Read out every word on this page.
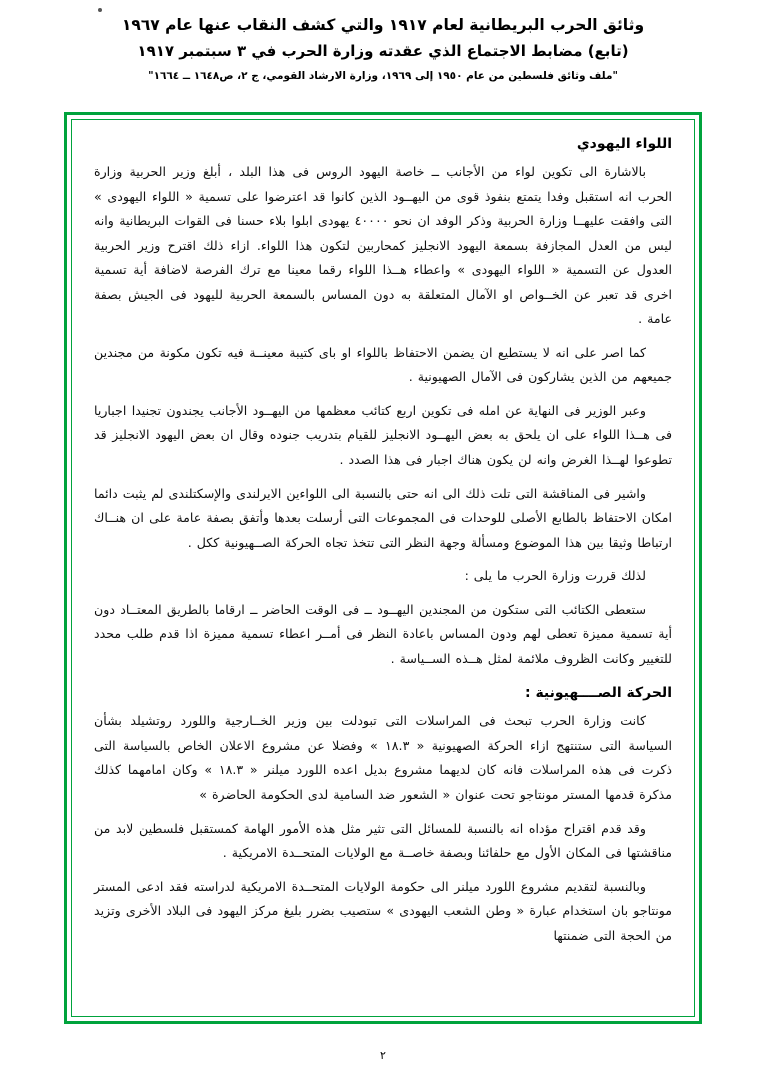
وثائق الحرب البريطانية لعام ١٩١٧ والتي كشف النقاب عنها عام ١٩٦٧
(تابع) مضابط الاجتماع الذي عقدته وزارة الحرب في ٣ سبتمبر ١٩١٧
"ملف وثائق فلسطين من عام ١٩٥٠ إلى ١٩٦٩، وزارة الارشاد القومي، ج ٢، ص١٦٤٨ ــ ١٦٦٤"
اللواء اليهودي

بالاشارة الى تكوين لواء من الأجانب ــ خاصة اليهود الروس فى هذا البلد ، أبلغ وزير الحربية وزارة الحرب انه استقبل وفدا يتمتع بنفوذ قوى من اليهــود الذين كانوا قد اعترضوا على تسمية « اللواء اليهودى » التى وافقت عليهــا وزارة الحربية وذكر الوفد ان نحو ٤٠٠٠٠ يهودى ابلوا بلاء حسنا فى القوات البريطانية وانه ليس من العدل المجازفة بسمعة اليهود الانجليز كمحاربين لتكون هذا اللواء. ازاء ذلك اقترح وزير الحربية العدول عن التسمية « اللواء اليهودى » واعطاء هــذا اللواء رقما معينا مع ترك الفرصة لاضافة أية تسمية اخرى قد تعبر عن الخــواص او الآمال المتعلقة به دون المساس بالسمعة الحربية لليهود فى الجيش بصفة عامة .

كما اصر على انه لا يستطيع ان يضمن الاحتفاظ باللواء او باى كتيبة معينــة فيه تكون مكونة من مجندين جميعهم من الذين يشاركون فى الآمال الصهيونية .

وعبر الوزير فى النهاية عن امله فى تكوين اربع كتائب معظمها من اليهــود الأجانب يجندون تجنيدا اجباريا فى هــذا اللواء على ان يلحق به بعض اليهــود الانجليز للقيام بتدريب جنوده وقال ان بعض اليهود الانجليز قد تطوعوا لهــذا الغرض وانه لن يكون هناك اجبار فى هذا الصدد .

واشير فى المناقشة التى تلت ذلك الى انه حتى بالنسبة الى اللواءين الايرلندى والإسكتلندى لم يثبت دائما امكان الاحتفاظ بالطابع الأصلى للوحدات فى المجموعات التى أرسلت بعدها وأتفق بصفة عامة على ان هنــاك ارتباطا وثيقا بين هذا الموضوع ومسألة وجهة النظر التى تتخذ تجاه الحركة الصــهيونية ككل .

لذلك قررت وزارة الحرب ما يلى :

ستعطى الكتائب التى ستكون من المجندين اليهــود ــ فى الوقت الحاضر ــ ارقاما بالطريق المعتــاد دون أية تسمية مميزة تعطى لهم ودون المساس باعادة النظر فى أمــر اعطاء تسمية مميزة اذا قدم طلب محدد للتغيير وكانت الظروف ملائمة لمثل هــذه الســياسة .

الحركة الصــــهيونية :

كانت وزارة الحرب تبحث فى المراسلات التى تبودلت بين وزير الخــارجية واللورد روتشيلد بشأن السياسة التى ستنتهج ازاء الحركة الصهيونية « ١٨.٣ » وفضلا عن مشروع الاعلان الخاص بالسياسة التى ذكرت فى هذه المراسلات فانه كان لديهما مشروع بديل اعده اللورد ميلنر « ١٨.٣ » وكان امامهما كذلك مذكرة قدمها المستر مونتاجو تحت عنوان « الشعور ضد السامية لدى الحكومة الحاضرة »

وقد قدم اقتراح مؤداه انه بالنسبة للمسائل التى تثير مثل هذه الأمور الهامة كمستقبل فلسطين لابد من مناقشتها فى المكان الأول مع حلفائنا وبصفة خاصــة مع الولايات المتحــدة الامريكية .

وبالنسبة لتقديم مشروع اللورد ميلنر الى حكومة الولايات المتحــدة الامريكية لدراسته فقد ادعى المستر مونتاجو بان استخدام عبارة « وطن الشعب اليهودى » ستصيب بضرر بليغ مركز اليهود فى البلاد الأخرى وتزيد من الحجة التى ضمنتها

٢
